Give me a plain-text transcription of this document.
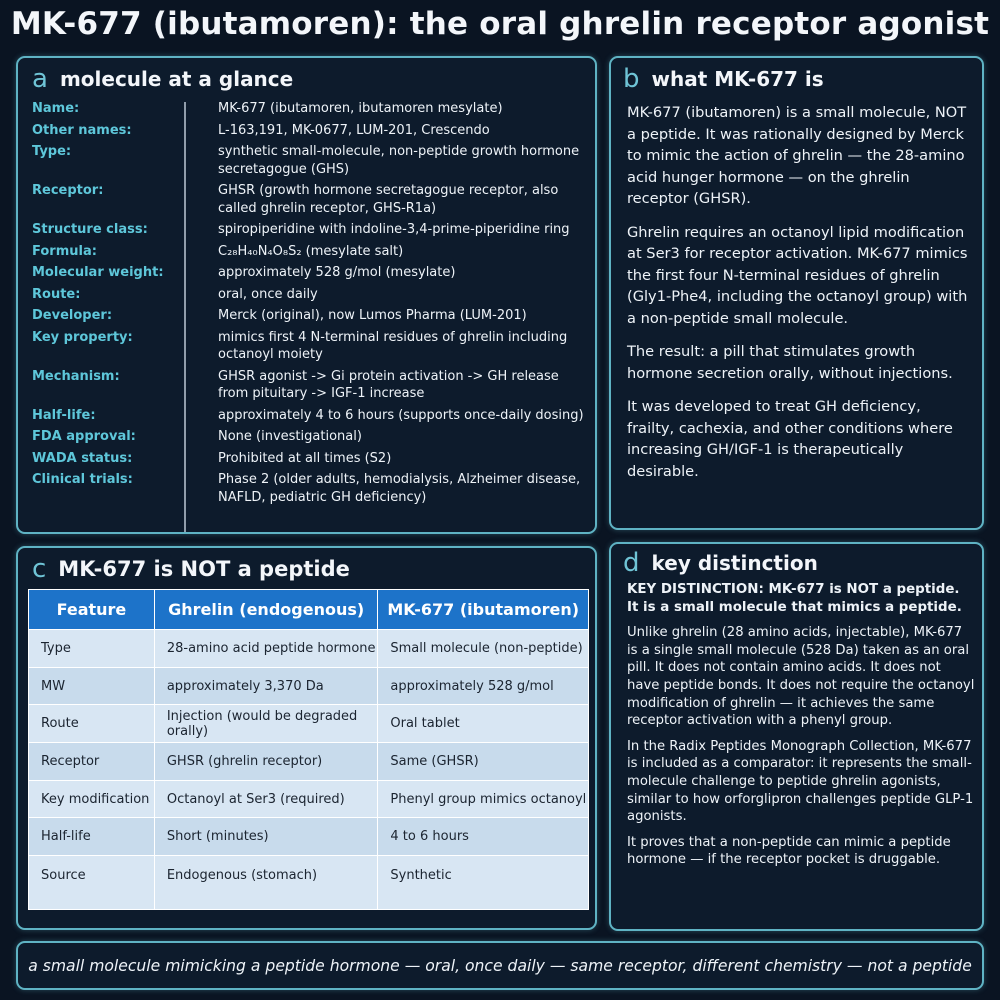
MK-677 (ibutamoren): the oral ghrelin receptor agonist
a molecule at a glance
Name:	MK-677 (ibutamoren, ibutamoren mesylate)
Other names:	L-163,191, MK-0677, LUM-201, Crescendo
Type:	synthetic small-molecule, non-peptide growth hormone secretagogue (GHS)
Receptor:	GHSR (growth hormone secretagogue receptor, also called ghrelin receptor, GHS-R1a)
Structure class:	spiropiperidine with indoline-3,4-prime-piperidine ring
Formula:	C₂₈H₄₀N₄O₈S₂ (mesylate salt)
Molecular weight:	approximately 528 g/mol (mesylate)
Route:	oral, once daily
Developer:	Merck (original), now Lumos Pharma (LUM-201)
Key property:	mimics first 4 N-terminal residues of ghrelin including octanoyl moiety
Mechanism:	GHSR agonist -> Gi protein activation -> GH release from pituitary -> IGF-1 increase
Half-life:	approximately 4 to 6 hours (supports once-daily dosing)
FDA approval:	None (investigational)
WADA status:	Prohibited at all times (S2)
Clinical trials:	Phase 2 (older adults, hemodialysis, Alzheimer disease, NAFLD, pediatric GH deficiency)
b what MK-677 is

MK-677 (ibutamoren) is a small molecule, NOT a peptide. It was rationally designed by Merck to mimic the action of ghrelin — the 28-amino acid hunger hormone — on the ghrelin receptor (GHSR).

Ghrelin requires an octanoyl lipid modification at Ser3 for receptor activation. MK-677 mimics the first four N-terminal residues of ghrelin (Gly1-Phe4, including the octanoyl group) with a non-peptide small molecule.

The result: a pill that stimulates growth hormone secretion orally, without injections.

It was developed to treat GH deficiency, frailty, cachexia, and other conditions where increasing GH/IGF-1 is therapeutically desirable.

c MK-677 is NOT a peptide
Feature	Ghrelin (endogenous)	MK-677 (ibutamoren)
Type	28-amino acid peptide hormone	Small molecule (non-peptide)
MW	approximately 3,370 Da	approximately 528 g/mol
Route	Injection (would be degraded orally)	Oral tablet
Receptor	GHSR (ghrelin receptor)	Same (GHSR)
Key modification	Octanoyl at Ser3 (required)	Phenyl group mimics octanoyl
Half-life	Short (minutes)	4 to 6 hours
Source	Endogenous (stomach)	Synthetic
d key distinction

KEY DISTINCTION: MK-677 is NOT a peptide. It is a small molecule that mimics a peptide.

Unlike ghrelin (28 amino acids, injectable), MK-677 is a single small molecule (528 Da) taken as an oral pill. It does not contain amino acids. It does not have peptide bonds. It does not require the octanoyl modification of ghrelin — it achieves the same receptor activation with a phenyl group.

In the Radix Peptides Monograph Collection, MK-677 is included as a comparator: it represents the small-molecule challenge to peptide ghrelin agonists, similar to how orforglipron challenges peptide GLP-1 agonists.

It proves that a non-peptide can mimic a peptide hormone — if the receptor pocket is druggable.

a small molecule mimicking a peptide hormone — oral, once daily — same receptor, different chemistry — not a peptide
